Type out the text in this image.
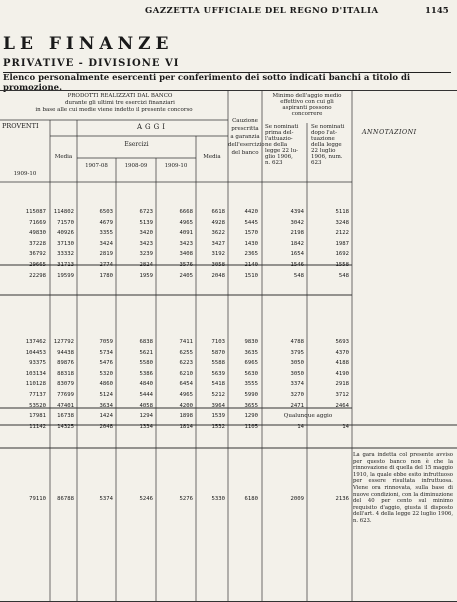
GAZZETTA UFFICIALE DEL REGNO D'ITALIA	1145
LE FINANZE
PRIVATIVE - DIVISIONE VI
Elenco personalmente esercenti per conferimento dei sotto indicati banchi a titolo di promozione.
PRODOTTI REALIZZATI DAL BANCO
durante gli ultimi tre esercizi finanziari
in base alle cui medie viene indetto il presente concorso
PROVENTI	AGGI
Esercizi
Media	Media
1909-10
1907-08	1908-09	1909-10
Cauzione
prescritta
a garanzia
dell'esercizio
del banco
Minimo dell'aggio medio
effettivo con cui gli
aspiranti possono
concorrere
Se nominati
prima del-
l'attuazio-
ne della
legge 22 lu-
glio 1906,
n. 623
Se nominati
dopo l'at-
tuazione
della legge
22 luglio
1906, num.
623
ANNOTAZIONI
115087	114802	6503	6723	6668	6618	4420	4394	5118
71669	71570	4679	5139	4965	4928	5445	3042	3248
49830	40926	3355	3420	4091	3622	1570	2198	2122
37228	37130	3424	3423	3423	3427	1430	1842	1987
36792	33332	2819	3239	3408	3192	2365	1654	1692
29665	31713	2774	2824	3576	3058	2140	1546	1558
22298	19599	1780	1959	2405	2048	1510	548	548
137462	127792	7059	6838	7411	7103	9830	4788	5693
104453	94438	5734	5621	6255	5870	3635	3795	4370
93375	89876	5476	5580	6223	5588	6965	3050	4188
103134	88318	5320	5386	6210	5639	5630	3050	4190
110128	83079	4860	4840	6454	5418	3555	3374	2918
77137	77699	5124	5444	4965	5212	5990	3270	3712
53520	47401	3634	4058	4200	3964	3655	2471	2464
17981	16738	1424	1294	1898	1539	1290	Qualunque aggio
11142	14325	2048	1334	1814	1532	1105	14	14
79110	86788	5374	5246	5276	5330	6180	2009	2136
La gara indetta col presente avviso per questo banco non è che la rinnovazione di quella del 15 maggio 1910, la quale ebbe esito infruttuoso per essere risultata infruttuosa. Viene ora rinnovata, sulla base di nuove condizioni, con la diminuzione del 40 per cento sul minimo requisito d'aggio, giusta il disposto dell'art. 4 della legge 22 luglio 1906, n. 623.
